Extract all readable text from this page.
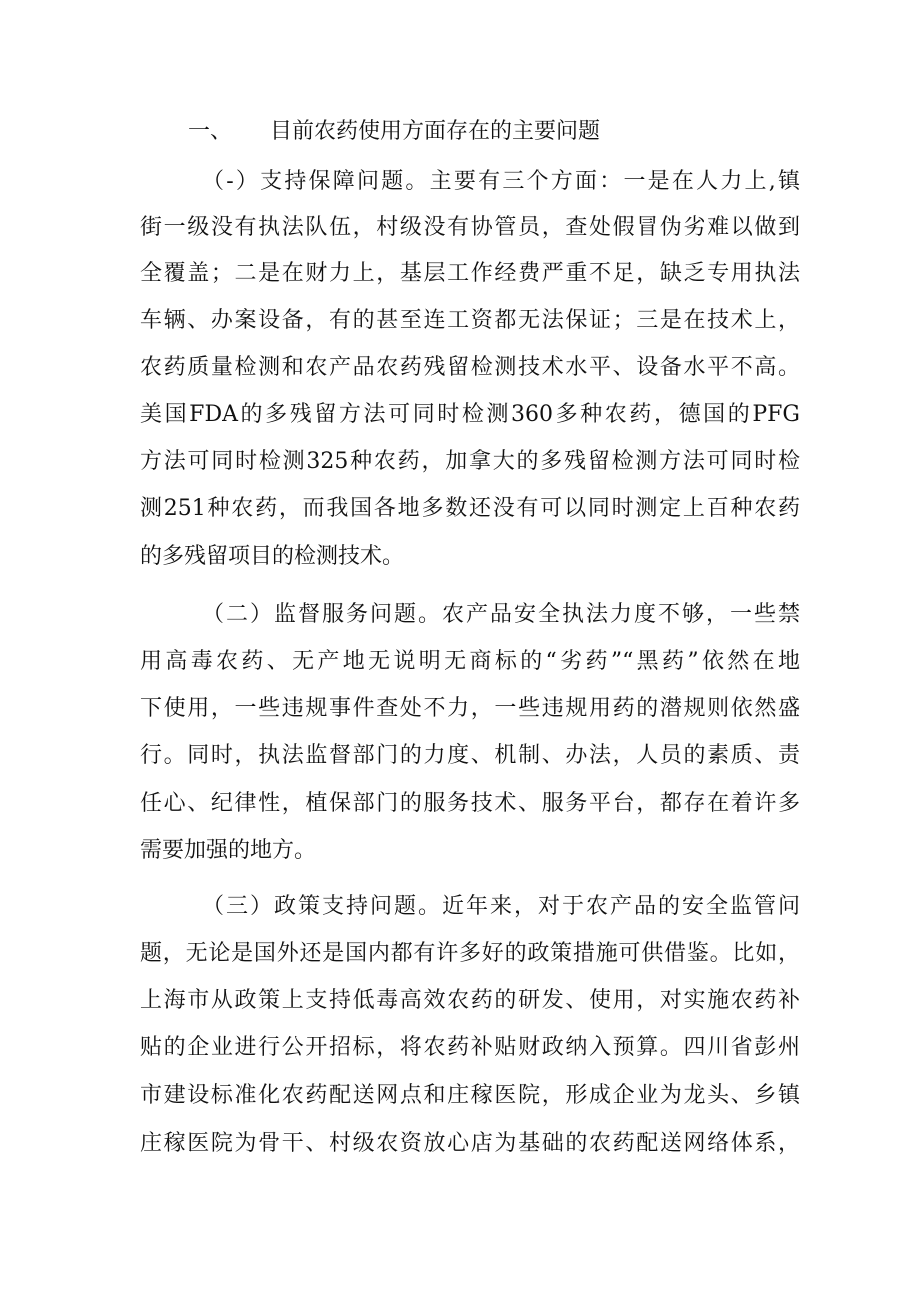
一、 目前农药使用方面存在的主要问题
（-）支持保障问题。主要有三个方面：一是在人力上,镇
街一级没有执法队伍，村级没有协管员，查处假冒伪劣难以做到
全覆盖；二是在财力上，基层工作经费严重不足，缺乏专用执法
车辆、办案设备，有的甚至连工资都无法保证；三是在技术上，
农药质量检测和农产品农药残留检测技术水平、设备水平不高。
美国FDA的多残留方法可同时检测360多种农药，德国的PFG
方法可同时检测325种农药，加拿大的多残留检测方法可同时检
测251种农药，而我国各地多数还没有可以同时测定上百种农药
的多残留项目的检测技术。
（二）监督服务问题。农产品安全执法力度不够，一些禁
用高毒农药、无产地无说明无商标的“劣药”“黑药”依然在地
下使用，一些违规事件查处不力，一些违规用药的潜规则依然盛
行。同时，执法监督部门的力度、机制、办法，人员的素质、责
任心、纪律性，植保部门的服务技术、服务平台，都存在着许多
需要加强的地方。
（三）政策支持问题。近年来，对于农产品的安全监管问
题，无论是国外还是国内都有许多好的政策措施可供借鉴。比如，
上海市从政策上支持低毒高效农药的研发、使用，对实施农药补
贴的企业进行公开招标，将农药补贴财政纳入预算。四川省彭州
市建设标准化农药配送网点和庄稼医院，形成企业为龙头、乡镇
庄稼医院为骨干、村级农资放心店为基础的农药配送网络体系，
